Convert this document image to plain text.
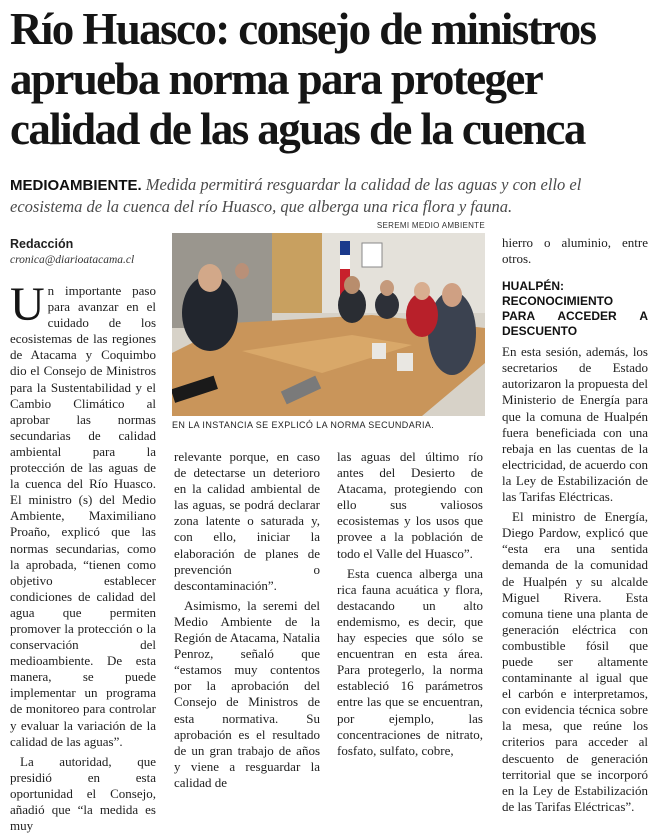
Río Huasco: consejo de ministros
aprueba norma para proteger
calidad de las aguas de la cuenca
MEDIOAMBIENTE. Medida permitirá resguardar la calidad de las aguas y con ello el ecosistema de la cuenca del río Huasco, que alberga una rica flora y fauna.
Redacción
cronica@diarioatacama.cl
U n importante paso para avanzar en el cuidado de los ecosistemas de las regiones de Atacama y Coquimbo dio el Consejo de Ministros para la Sustentabilidad y el Cambio Climático al aprobar las normas secundarias de calidad ambiental para la protección de las aguas de la cuenca del Río Huasco. El ministro (s) del Medio Ambiente, Maximiliano Proaño, explicó que las normas secundarias, como la aprobada, “tienen como objetivo establecer condiciones de calidad del agua que permiten promover la protección o la conservación del medioambiente. De esta manera, se puede implementar un programa de monitoreo para controlar y evaluar la variación de la calidad de las aguas”.

La autoridad, que presidió en esta oportunidad el Consejo, añadió que “la medida es muy

SEREMI MEDIO AMBIENTE
EN LA INSTANCIA SE EXPLICÓ LA NORMA SECUNDARIA.

relevante porque, en caso de detectarse un deterioro en la calidad ambiental de las aguas, se podrá declarar zona latente o saturada y, con ello, iniciar la elaboración de planes de prevención o descontaminación”.

Asimismo, la seremi del Medio Ambiente de la Región de Atacama, Natalia Penroz, señaló que “estamos muy contentos por la aprobación del Consejo de Ministros de esta normativa. Su aprobación es el resultado de un gran trabajo de años y viene a resguardar la calidad de

las aguas del último río antes del Desierto de Atacama, protegiendo con ello sus valiosos ecosistemas y los usos que provee a la población de todo el Valle del Huasco”.

Esta cuenca alberga una rica fauna acuática y flora, destacando un alto endemismo, es decir, que hay especies que sólo se encuentran en esta área. Para protegerlo, la norma estableció 16 parámetros entre las que se encuentran, por ejemplo, las concentraciones de nitrato, fosfato, sulfato, cobre,

hierro o aluminio, entre otros.

HUALPÉN:
RECONOCIMIENTO PARA ACCEDER A DESCUENTO

En esta sesión, además, los secretarios de Estado autorizaron la propuesta del Ministerio de Energía para que la comuna de Hualpén fuera beneficiada con una rebaja en las cuentas de la electricidad, de acuerdo con la Ley de Estabilización de las Tarifas Eléctricas.

El ministro de Energía, Diego Pardow, explicó que “esta era una sentida demanda de la comunidad de Hualpén y su alcalde Miguel Rivera. Esta comuna tiene una planta de generación eléctrica con combustible fósil que puede ser altamente contaminante al igual que el carbón e interpretamos, con evidencia técnica sobre la mesa, que reúne los criterios para acceder al descuento de generación territorial que se incorporó en la Ley de Estabilización de las Tarifas Eléctricas”.
